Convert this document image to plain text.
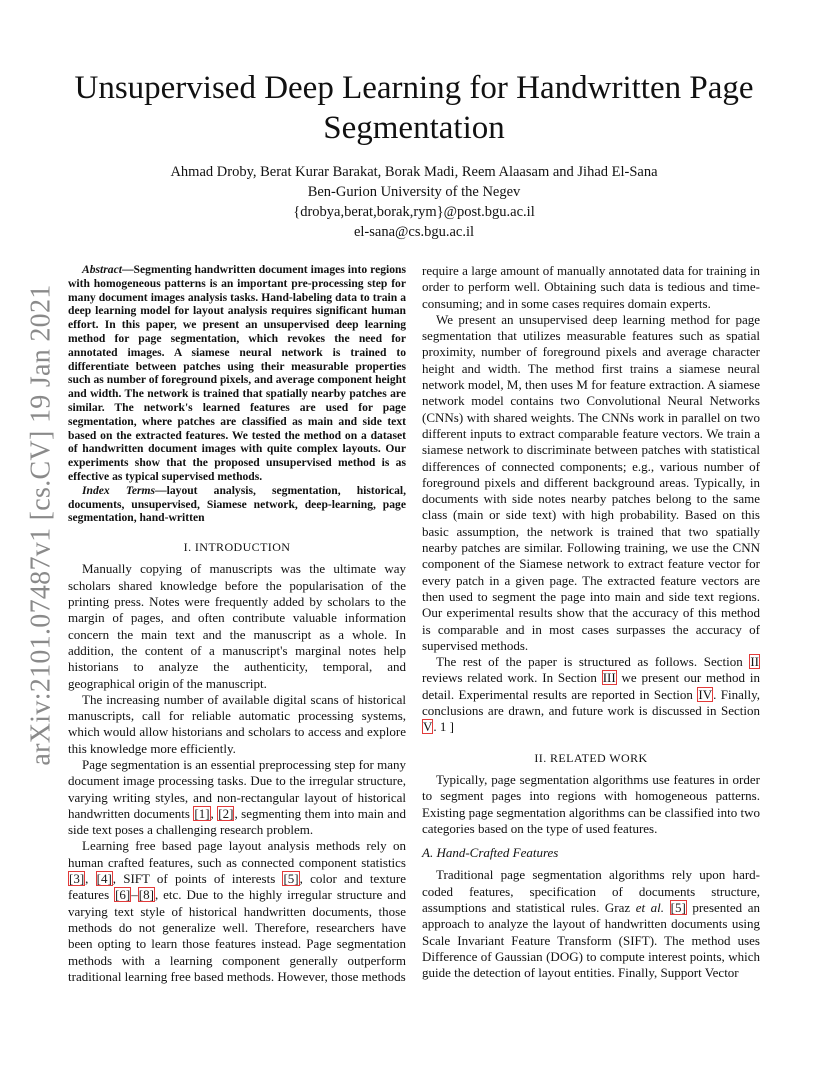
arXiv:2101.07487v1 [cs.CV] 19 Jan 2021
Unsupervised Deep Learning for Handwritten Page Segmentation
Ahmad Droby, Berat Kurar Barakat, Borak Madi, Reem Alaasam and Jihad El-Sana
Ben-Gurion University of the Negev
{drobya,berat,borak,rym}@post.bgu.ac.il
el-sana@cs.bgu.ac.il

Abstract—Segmenting handwritten document images into regions with homogeneous patterns is an important pre-processing step for many document images analysis tasks. Hand-labeling data to train a deep learning model for layout analysis requires significant human effort. In this paper, we present an unsupervised deep learning method for page segmentation, which revokes the need for annotated images. A siamese neural network is trained to differentiate between patches using their measurable properties such as number of foreground pixels, and average component height and width. The network is trained that spatially nearby patches are similar. The network's learned features are used for page segmentation, where patches are classified as main and side text based on the extracted features. We tested the method on a dataset of handwritten document images with quite complex layouts. Our experiments show that the proposed unsupervised method is as effective as typical supervised methods.

Index Terms—layout analysis, segmentation, historical, documents, unsupervised, Siamese network, deep-learning, page segmentation, hand-written

I. INTRODUCTION

Manually copying of manuscripts was the ultimate way scholars shared knowledge before the popularisation of the printing press. Notes were frequently added by scholars to the margin of pages, and often contribute valuable information concern the main text and the manuscript as a whole. In addition, the content of a manuscript's marginal notes help historians to analyze the authenticity, temporal, and geographical origin of the manuscript.

The increasing number of available digital scans of historical manuscripts, call for reliable automatic processing systems, which would allow historians and scholars to access and explore this knowledge more efficiently.

Page segmentation is an essential preprocessing step for many document image processing tasks. Due to the irregular structure, varying writing styles, and non-rectangular layout of historical handwritten documents [1], [2], segmenting them into main and side text poses a challenging research problem.

Learning free based page layout analysis methods rely on human crafted features, such as connected component statistics [3], [4], SIFT of points of interests [5], color and texture features [6]–[8], etc. Due to the highly irregular structure and varying text style of historical handwritten documents, those methods do not generalize well. Therefore, researchers have been opting to learn those features instead. Page segmentation methods with a learning component generally outperform traditional learning free based methods. However, those methods

require a large amount of manually annotated data for training in order to perform well. Obtaining such data is tedious and time-consuming; and in some cases requires domain experts.

We present an unsupervised deep learning method for page segmentation that utilizes measurable features such as spatial proximity, number of foreground pixels and average character height and width. The method first trains a siamese neural network model, M, then uses M for feature extraction. A siamese network model contains two Convolutional Neural Networks (CNNs) with shared weights. The CNNs work in parallel on two different inputs to extract comparable feature vectors. We train a siamese network to discriminate between patches with statistical differences of connected components; e.g., various number of foreground pixels and different background areas. Typically, in documents with side notes nearby patches belong to the same class (main or side text) with high probability. Based on this basic assumption, the network is trained that two spatially nearby patches are similar. Following training, we use the CNN component of the Siamese network to extract feature vector for every patch in a given page. The extracted feature vectors are then used to segment the page into main and side text regions. Our experimental results show that the accuracy of this method is comparable and in most cases surpasses the accuracy of supervised methods.

The rest of the paper is structured as follows. Section II reviews related work. In Section III we present our method in detail. Experimental results are reported in Section IV. Finally, conclusions are drawn, and future work is discussed in Section V. 1 ]

II. RELATED WORK

Typically, page segmentation algorithms use features in order to segment pages into regions with homogeneous patterns. Existing page segmentation algorithms can be classified into two categories based on the type of used features.

A. Hand-Crafted Features

Traditional page segmentation algorithms rely upon hard-coded features, specification of documents structure, assumptions and statistical rules. Graz et al. [5] presented an approach to analyze the layout of handwritten documents using Scale Invariant Feature Transform (SIFT). The method uses Difference of Gaussian (DOG) to compute interest points, which guide the detection of layout entities. Finally, Support Vector
